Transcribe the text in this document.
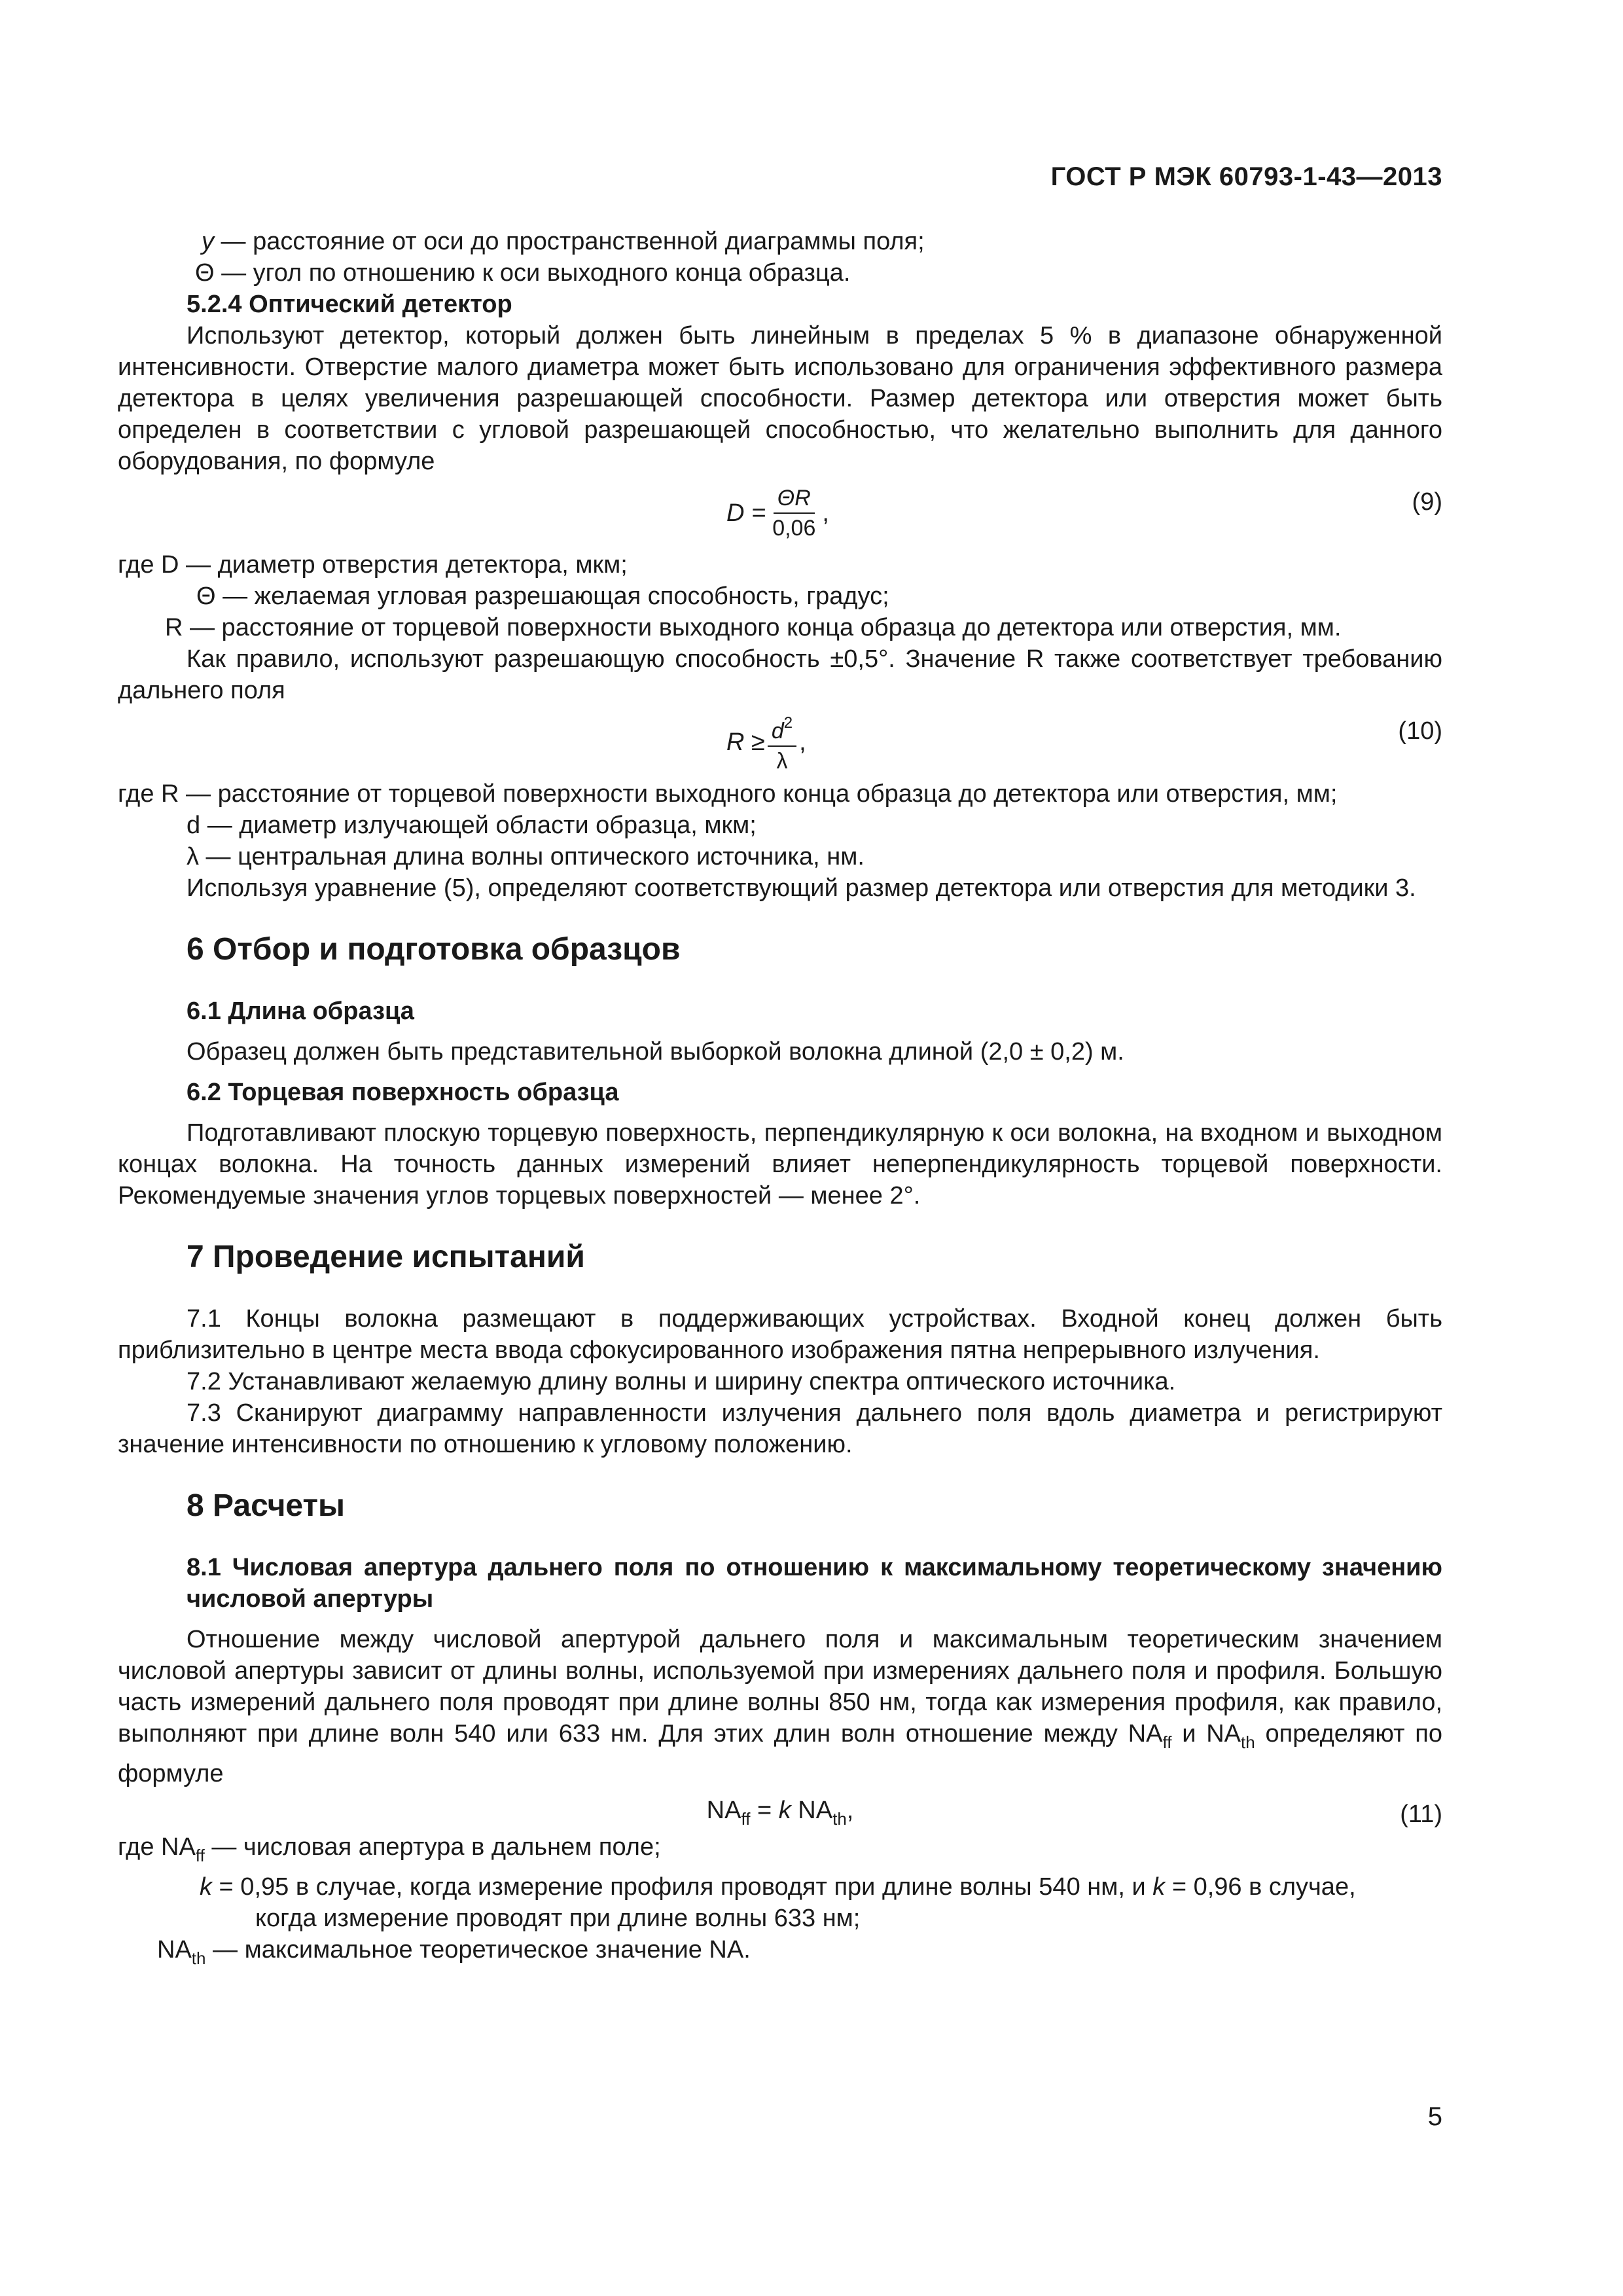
ГОСТ Р МЭК 60793-1-43—2013

y — расстояние от оси до пространственной диаграммы поля;

Θ — угол по отношению к оси выходного конца образца.

5.2.4 Оптический детектор

Используют детектор, который должен быть линейным в пределах 5 % в диапазоне обнаруженной интенсивности. Отверстие малого диаметра может быть использовано для ограничения эффективного размера детектора в целях увеличения разрешающей способности. Размер детектора или отверстия может быть определен в соответствии с угловой разрешающей способностью, что желательно выполнить для данного оборудования, по формуле

$D = \frac{\Theta R}{0,06}$ ,	(9)

где D — диаметр отверстия детектора, мкм;

Θ — желаемая угловая разрешающая способность, градус;

R — расстояние от торцевой поверхности выходного конца образца до детектора или отверстия, мм.

Как правило, используют разрешающую способность ±0,5°. Значение R также соответствует требованию дальнего поля

$R \ge \frac{d^2}{\lambda}$ ,	(10)

где R — расстояние от торцевой поверхности выходного конца образца до детектора или отверстия, мм;

d — диаметр излучающей области образца, мкм;

λ — центральная длина волны оптического источника, нм.

Используя уравнение (5), определяют соответствующий размер детектора или отверстия для методики 3.

6 Отбор и подготовка образцов

6.1 Длина образца

Образец должен быть представительной выборкой волокна длиной (2,0 ± 0,2) м.

6.2 Торцевая поверхность образца

Подготавливают плоскую торцевую поверхность, перпендикулярную к оси волокна, на входном и выходном концах волокна. На точность данных измерений влияет неперпендикулярность торцевой поверхности. Рекомендуемые значения углов торцевых поверхностей — менее 2°.

7 Проведение испытаний

7.1 Концы волокна размещают в поддерживающих устройствах. Входной конец должен быть приблизительно в центре места ввода сфокусированного изображения пятна непрерывного излучения.

7.2 Устанавливают желаемую длину волны и ширину спектра оптического источника.

7.3 Сканируют диаграмму направленности излучения дальнего поля вдоль диаметра и регистрируют значение интенсивности по отношению к угловому положению.

8 Расчеты

8.1 Числовая апертура дальнего поля по отношению к максимальному теоретическому значению числовой апертуры

Отношение между числовой апертурой дальнего поля и максимальным теоретическим значением числовой апертуры зависит от длины волны, используемой при измерениях дальнего поля и профиля. Большую часть измерений дальнего поля проводят при длине волны 850 нм, тогда как измерения профиля, как правило, выполняют при длине волн 540 или 633 нм. Для этих длин волн отношение между $NA_{ff}$ и $NA_{th}$ определяют по формуле

$NA_{ff} = k$ $NA_{th}$,	(11)

где $NA_{ff}$ — числовая апертура в дальнем поле;

k = 0,95 в случае, когда измерение профиля проводят при длине волны 540 нм, и k = 0,96 в случае,

когда измерение проводят при длине волны 633 нм;

$NA_{th}$ — максимальное теоретическое значение NA.

5
